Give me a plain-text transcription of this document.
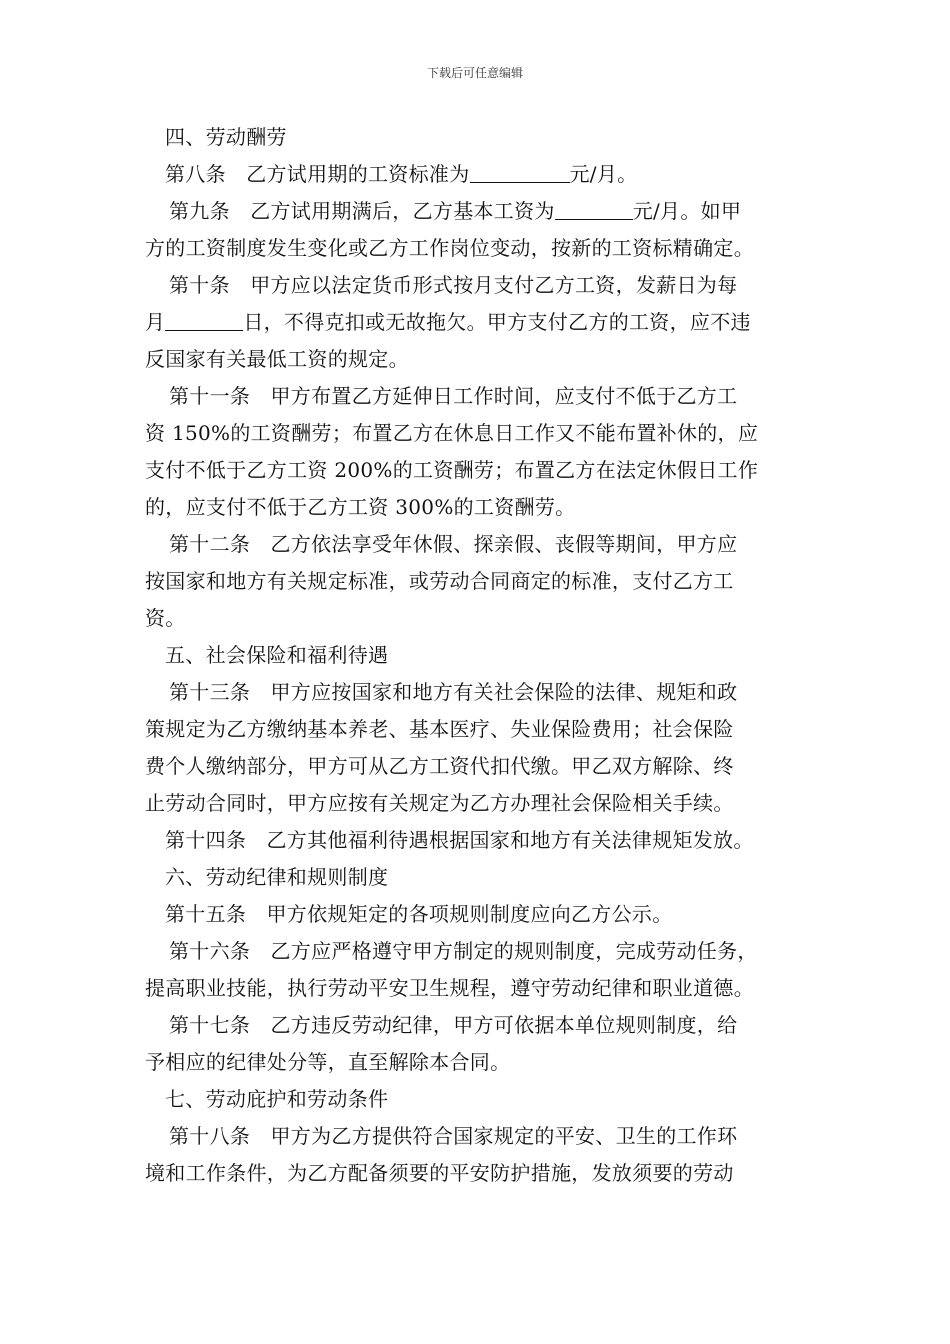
下载后可任意编辑
四、劳动酬劳
第八条　乙方试用期的工资标准为	元/月。
第九条　乙方试用期满后，乙方基本工资为	元/月。如甲
方的工资制度发生变化或乙方工作岗位变动，按新的工资标精确定。
第十条　甲方应以法定货币形式按月支付乙方工资，发薪日为每
月	日，不得克扣或无故拖欠。甲方支付乙方的工资，应不违
反国家有关最低工资的规定。
第十一条　甲方布置乙方延伸日工作时间，应支付不低于乙方工
资 150%的工资酬劳；布置乙方在休息日工作又不能布置补休的，应
支付不低于乙方工资 200%的工资酬劳；布置乙方在法定休假日工作
的，应支付不低于乙方工资 300%的工资酬劳。
第十二条　乙方依法享受年休假、探亲假、丧假等期间，甲方应
按国家和地方有关规定标准，或劳动合同商定的标准，支付乙方工
资。
五、社会保险和福利待遇
第十三条　甲方应按国家和地方有关社会保险的法律、规矩和政
策规定为乙方缴纳基本养老、基本医疗、失业保险费用；社会保险
费个人缴纳部分，甲方可从乙方工资代扣代缴。甲乙双方解除、终
止劳动合同时，甲方应按有关规定为乙方办理社会保险相关手续。
第十四条　乙方其他福利待遇根据国家和地方有关法律规矩发放。
六、劳动纪律和规则制度
第十五条　甲方依规矩定的各项规则制度应向乙方公示。
第十六条　乙方应严格遵守甲方制定的规则制度，完成劳动任务，
提高职业技能，执行劳动平安卫生规程，遵守劳动纪律和职业道德。
第十七条　乙方违反劳动纪律，甲方可依据本单位规则制度，给
予相应的纪律处分等，直至解除本合同。
七、劳动庇护和劳动条件
第十八条　甲方为乙方提供符合国家规定的平安、卫生的工作环
境和工作条件，为乙方配备须要的平安防护措施，发放须要的劳动
